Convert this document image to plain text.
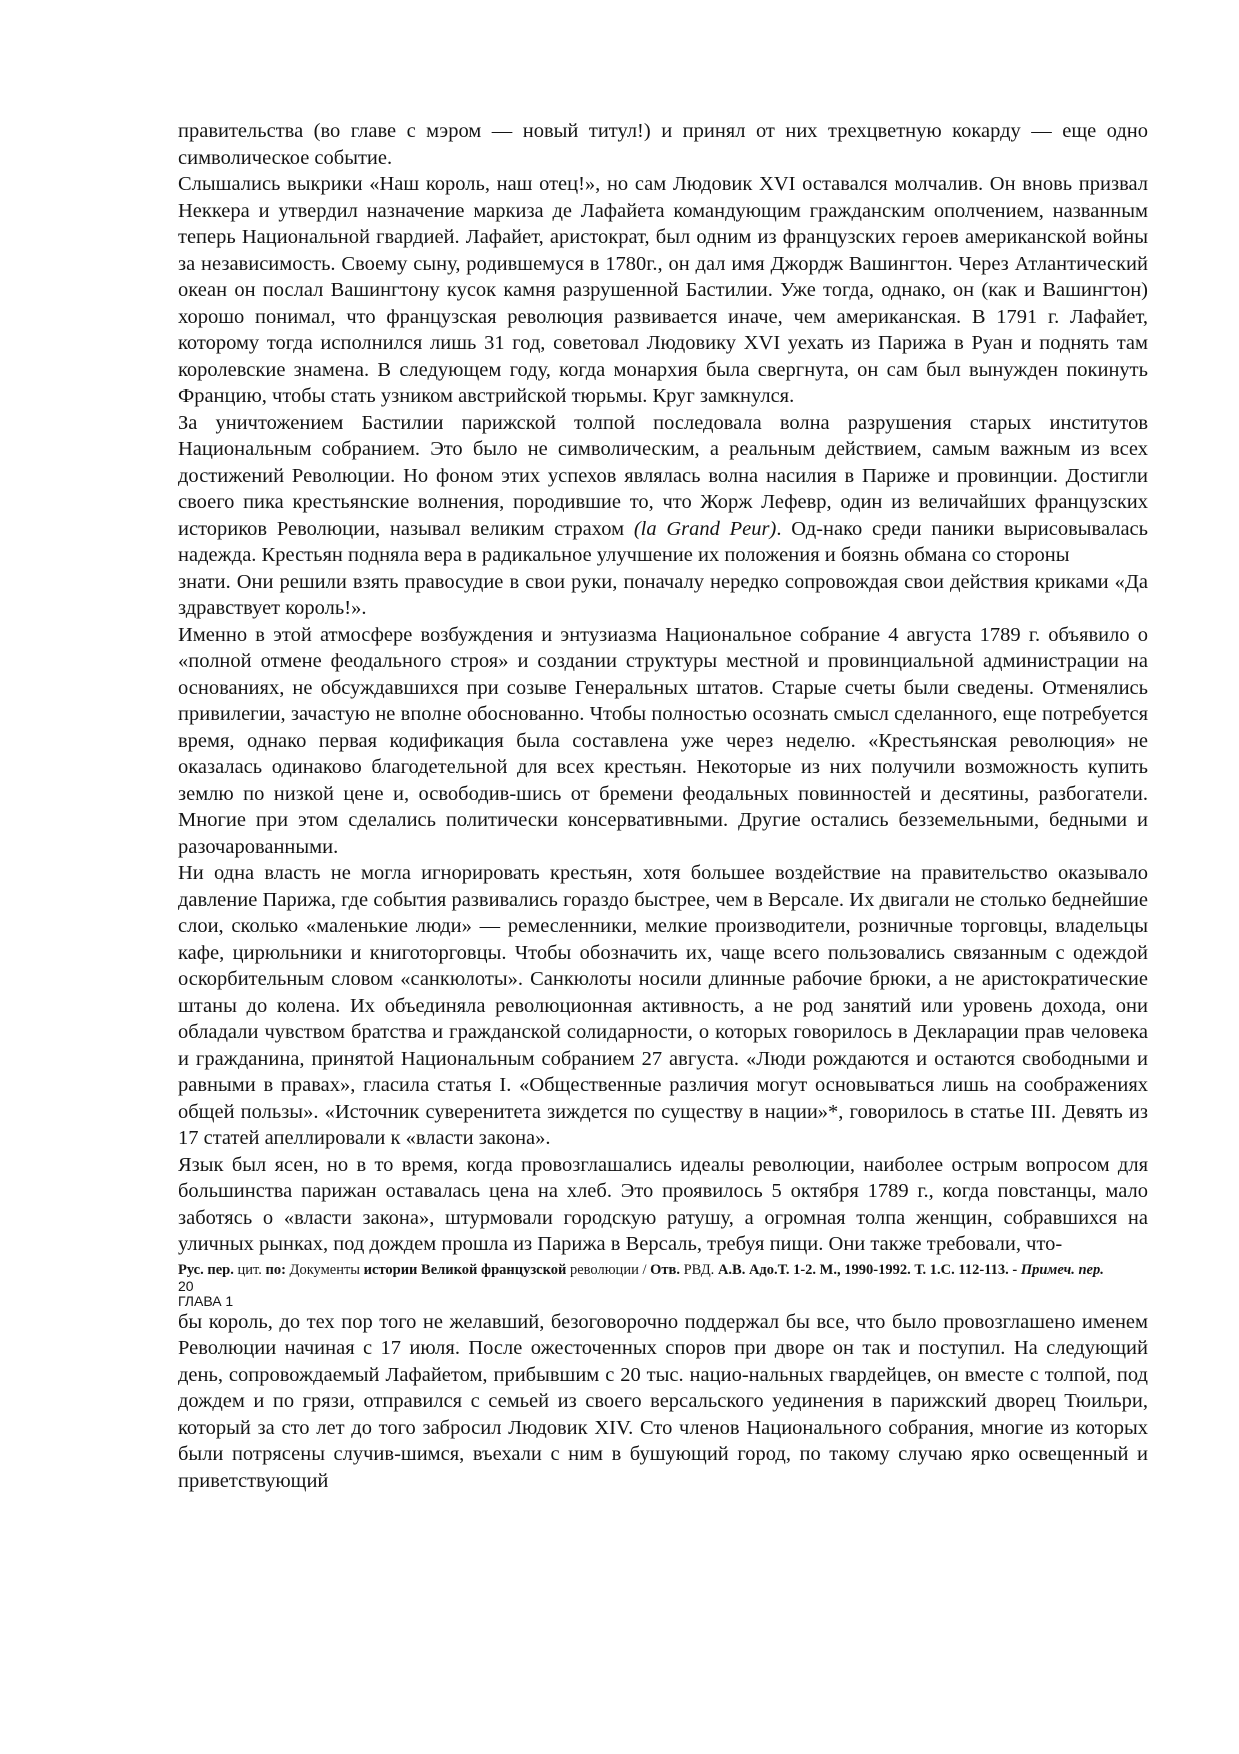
правительства (во главе с мэром — новый титул!) и принял от них трехцветную кокарду — еще одно символическое событие.

Слышались выкрики «Наш король, наш отец!», но сам Людовик XVI оставался молчалив. Он вновь призвал Неккера и утвердил назначение маркиза де Лафайета командующим гражданским ополчением, названным теперь Национальной гвардией. Лафайет, аристократ, был одним из французских героев американской войны за независимость. Своему сыну, родившемуся в 1780г., он дал имя Джордж Вашингтон. Через Атлантический океан он послал Вашингтону кусок камня разрушенной Бастилии. Уже тогда, однако, он (как и Вашингтон) хорошо понимал, что французская революция развивается иначе, чем американская. В 1791 г. Лафайет, которому тогда исполнился лишь 31 год, советовал Людовику XVI уехать из Парижа в Руан и поднять там королевские знамена. В следующем году, когда монархия была свергнута, он сам был вынужден покинуть Францию, чтобы стать узником австрийской тюрьмы. Круг замкнулся.

За уничтожением Бастилии парижской толпой последовала волна разрушения старых институтов Национальным собранием. Это было не символическим, а реальным действием, самым важным из всех достижений Революции. Но фоном этих успехов являлась волна насилия в Париже и провинции. Достигли своего пика крестьянские волнения, породившие то, что Жорж Лефевр, один из величайших французских историков Революции, называл великим страхом (la Grand Peur). Од-нако среди паники вырисовывалась надежда. Крестьян подняла вера в радикальное улучшение их положения и боязнь обмана со стороны

знати. Они решили взять правосудие в свои руки, поначалу нередко сопровождая свои действия криками «Да здравствует король!».

Именно в этой атмосфере возбуждения и энтузиазма Национальное собрание 4 августа 1789 г. объявило о «полной отмене феодального строя» и создании структуры местной и провинциальной администрации на основаниях, не обсуждавшихся при созыве Генеральных штатов. Старые счеты были сведены. Отменялись привилегии, зачастую не вполне обоснованно. Чтобы полностью осознать смысл сделанного, еще потребуется время, однако первая кодификация была составлена уже через неделю. «Крестьянская революция» не оказалась одинаково благодетельной для всех крестьян. Некоторые из них получили возможность купить землю по низкой цене и, освободив-шись от бремени феодальных повинностей и десятины, разбогатели. Многие при этом сделались политически консервативными. Другие остались безземельными, бедными и разочарованными.

Ни одна власть не могла игнорировать крестьян, хотя большее воздействие на правительство оказывало давление Парижа, где события развивались гораздо быстрее, чем в Версале. Их двигали не столько беднейшие слои, сколько «маленькие люди» — ремесленники, мелкие производители, розничные торговцы, владельцы кафе, цирюльники и книготорговцы. Чтобы обозначить их, чаще всего пользовались связанным с одеждой оскорбительным словом «санкюлоты». Санкюлоты носили длинные рабочие брюки, а не аристократические штаны до колена. Их объединяла революционная активность, а не род занятий или уровень дохода, они обладали чувством братства и гражданской солидарности, о которых говорилось в Декларации прав человека и гражданина, принятой Национальным собранием 27 августа. «Люди рождаются и остаются свободными и равными в правах», гласила статья I. «Общественные различия могут основываться лишь на соображениях общей пользы». «Источник суверенитета зиждется по существу в нации»*, говорилось в статье III. Девять из 17 статей апеллировали к «власти закона».

Язык был ясен, но в то время, когда провозглашались идеалы революции, наиболее острым вопросом для большинства парижан оставалась цена на хлеб. Это проявилось 5 октября 1789 г., когда повстанцы, мало заботясь о «власти закона», штурмовали городскую ратушу, а огромная толпа женщин, собравшихся на уличных рынках, под дождем прошла из Парижа в Версаль, требуя пищи. Они также требовали, что-

Рус. пер. цит. по: Документы истории Великой французской революции / Отв. РВД. А.В. Адо.Т. 1-2. М., 1990-1992. Т. 1.С. 112-113. - Примеч. пер.

20

ГЛАВА 1

бы король, до тех пор того не желавший, безоговорочно поддержал бы все, что было провозглашено именем Революции начиная с 17 июля. После ожесточенных споров при дворе он так и поступил. На следующий день, сопровождаемый Лафайетом, прибывшим с 20 тыс. нацио-нальных гвардейцев, он вместе с толпой, под дождем и по грязи, отправился с семьей из своего версальского уединения в парижский дворец Тюильри, который за сто лет до того забросил Людовик XIV. Сто членов Национального собрания, многие из которых были потрясены случив-шимся, въехали с ним в бушующий город, по такому случаю ярко освещенный и приветствующий
